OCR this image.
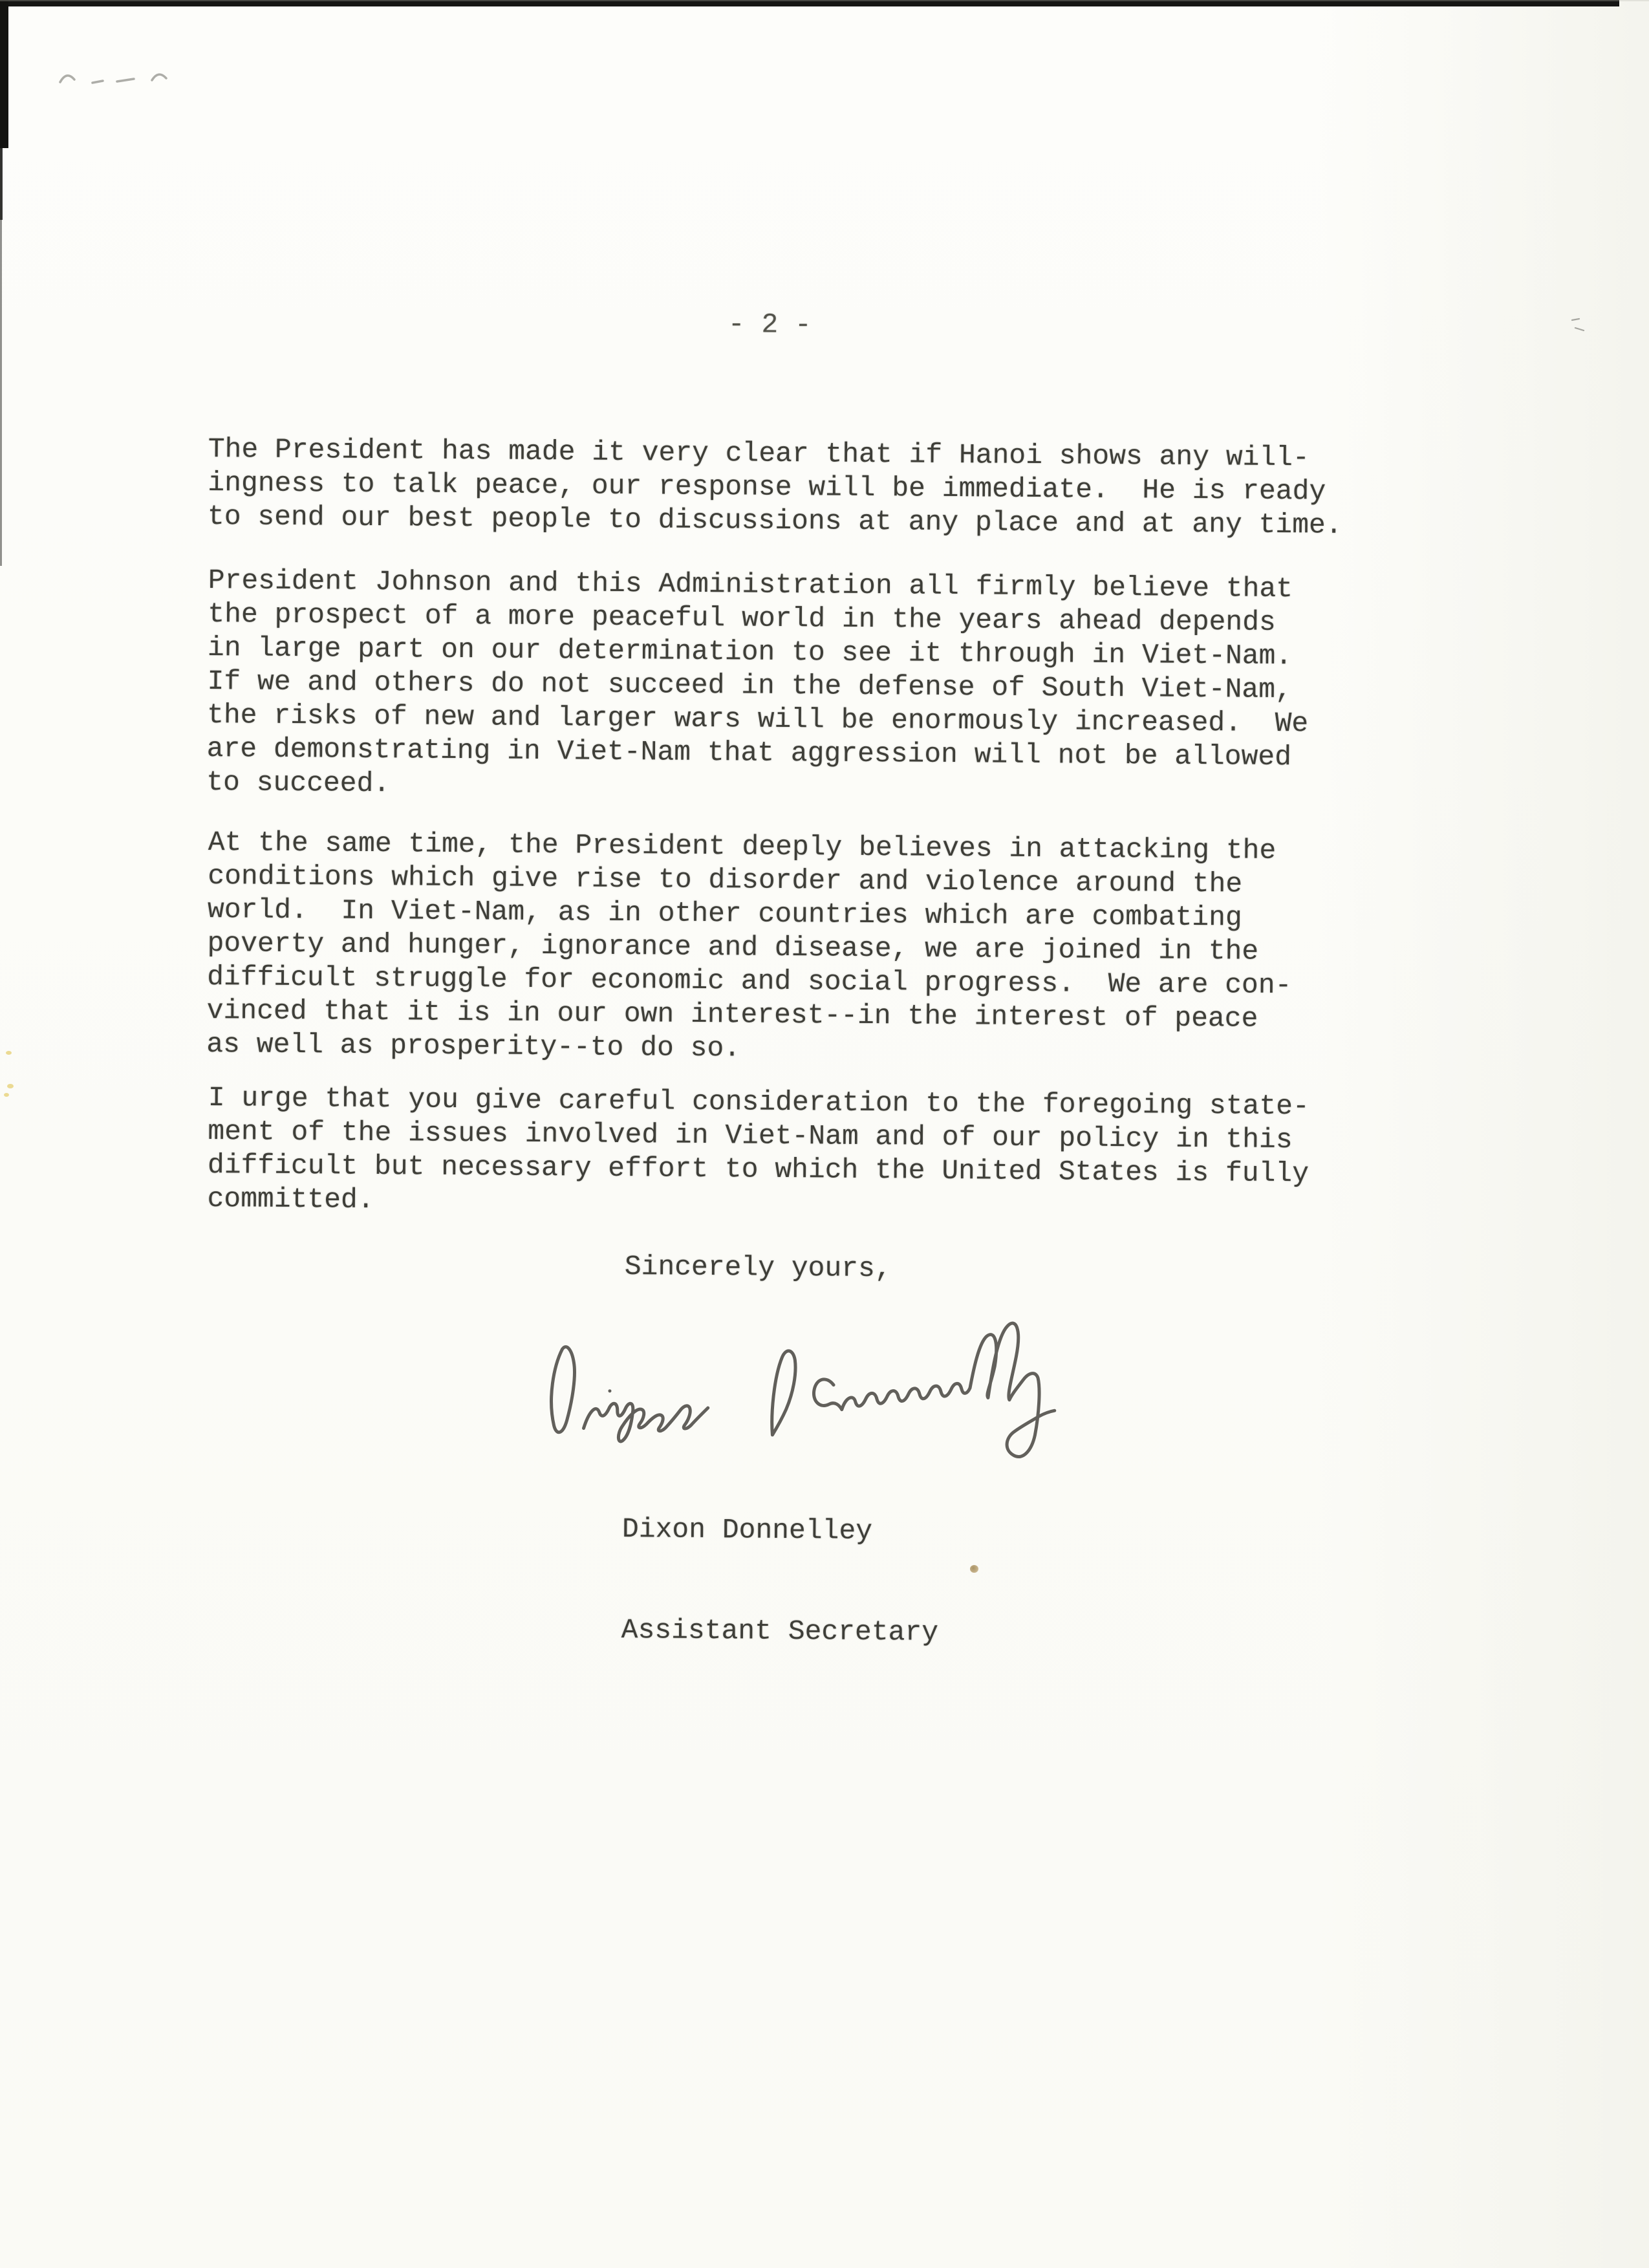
- 2 -
The President has made it very clear that if Hanoi shows any will-
ingness to talk peace, our response will be immediate.  He is ready
to send our best people to discussions at any place and at any time.
President Johnson and this Administration all firmly believe that
the prospect of a more peaceful world in the years ahead depends
in large part on our determination to see it through in Viet-Nam.
If we and others do not succeed in the defense of South Viet-Nam,
the risks of new and larger wars will be enormously increased.  We
are demonstrating in Viet-Nam that aggression will not be allowed
to succeed.
At the same time, the President deeply believes in attacking the
conditions which give rise to disorder and violence around the
world.  In Viet-Nam, as in other countries which are combating
poverty and hunger, ignorance and disease, we are joined in the
difficult struggle for economic and social progress.  We are con-
vinced that it is in our own interest--in the interest of peace
as well as prosperity--to do so.
I urge that you give careful consideration to the foregoing state-
ment of the issues involved in Viet-Nam and of our policy in this
difficult but necessary effort to which the United States is fully
committed.
Sincerely yours,

Dixon Donnelley

Assistant Secretary
